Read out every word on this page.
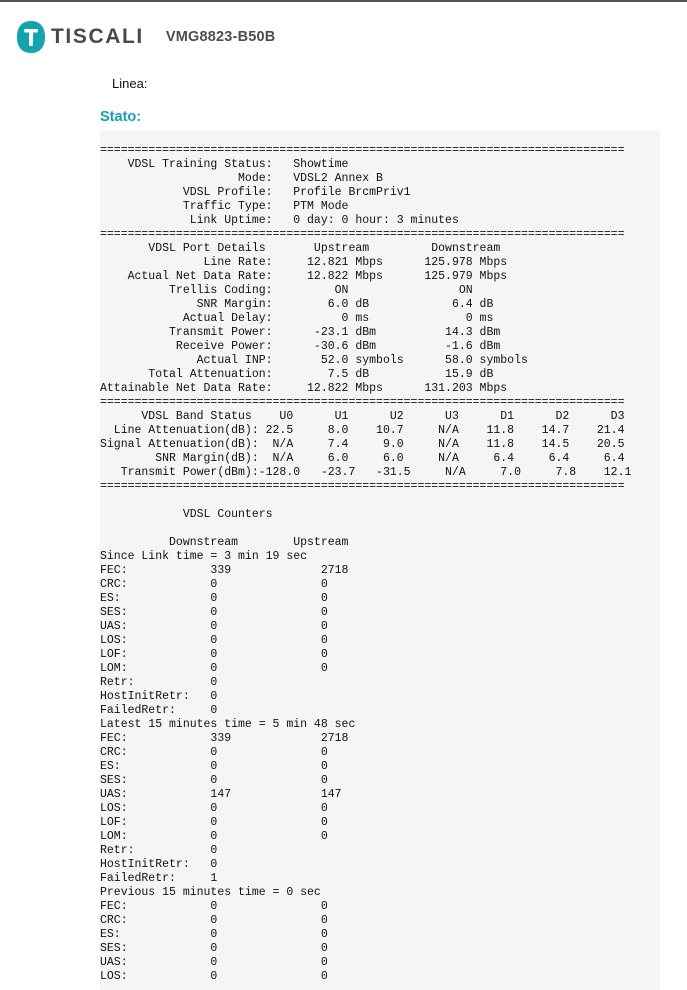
TISCALI VMG8823-B50B
Linea:
Stato:
============================================================================
VDSL Training Status:   Showtime
Mode:   VDSL2 Annex B
VDSL Profile:   Profile BrcmPriv1
Traffic Type:   PTM Mode
Link Uptime:   0 day: 0 hour: 3 minutes
============================================================================
VDSL Port Details       Upstream         Downstream
Line Rate:     12.821 Mbps      125.978 Mbps
Actual Net Data Rate:     12.822 Mbps      125.979 Mbps
Trellis Coding:         ON                ON
SNR Margin:        6.0 dB            6.4 dB
Actual Delay:          0 ms              0 ms
Transmit Power:      -23.1 dBm          14.3 dBm
Receive Power:      -30.6 dBm          -1.6 dBm
Actual INP:       52.0 symbols      58.0 symbols
Total Attenuation:        7.5 dB           15.9 dB
Attainable Net Data Rate:     12.822 Mbps      131.203 Mbps
============================================================================
VDSL Band Status    U0      U1      U2      U3      D1      D2      D3
Line Attenuation(dB): 22.5     8.0    10.7     N/A    11.8    14.7    21.4
Signal Attenuation(dB):  N/A     7.4     9.0     N/A    11.8    14.5    20.5
SNR Margin(dB):  N/A     6.0     6.0     N/A     6.4     6.4     6.4
Transmit Power(dBm):-128.0   -23.7   -31.5     N/A     7.0     7.8    12.1
============================================================================

VDSL Counters

Downstream        Upstream
Since Link time = 3 min 19 sec
FEC:            339             2718
CRC:            0               0
ES:             0               0
SES:            0               0
UAS:            0               0
LOS:            0               0
LOF:            0               0
LOM:            0               0
Retr:           0
HostInitRetr:   0
FailedRetr:     0
Latest 15 minutes time = 5 min 48 sec
FEC:            339             2718
CRC:            0               0
ES:             0               0
SES:            0               0
UAS:            147             147
LOS:            0               0
LOF:            0               0
LOM:            0               0
Retr:           0
HostInitRetr:   0
FailedRetr:     1
Previous 15 minutes time = 0 sec
FEC:            0               0
CRC:            0               0
ES:             0               0
SES:            0               0
UAS:            0               0
LOS:            0               0
